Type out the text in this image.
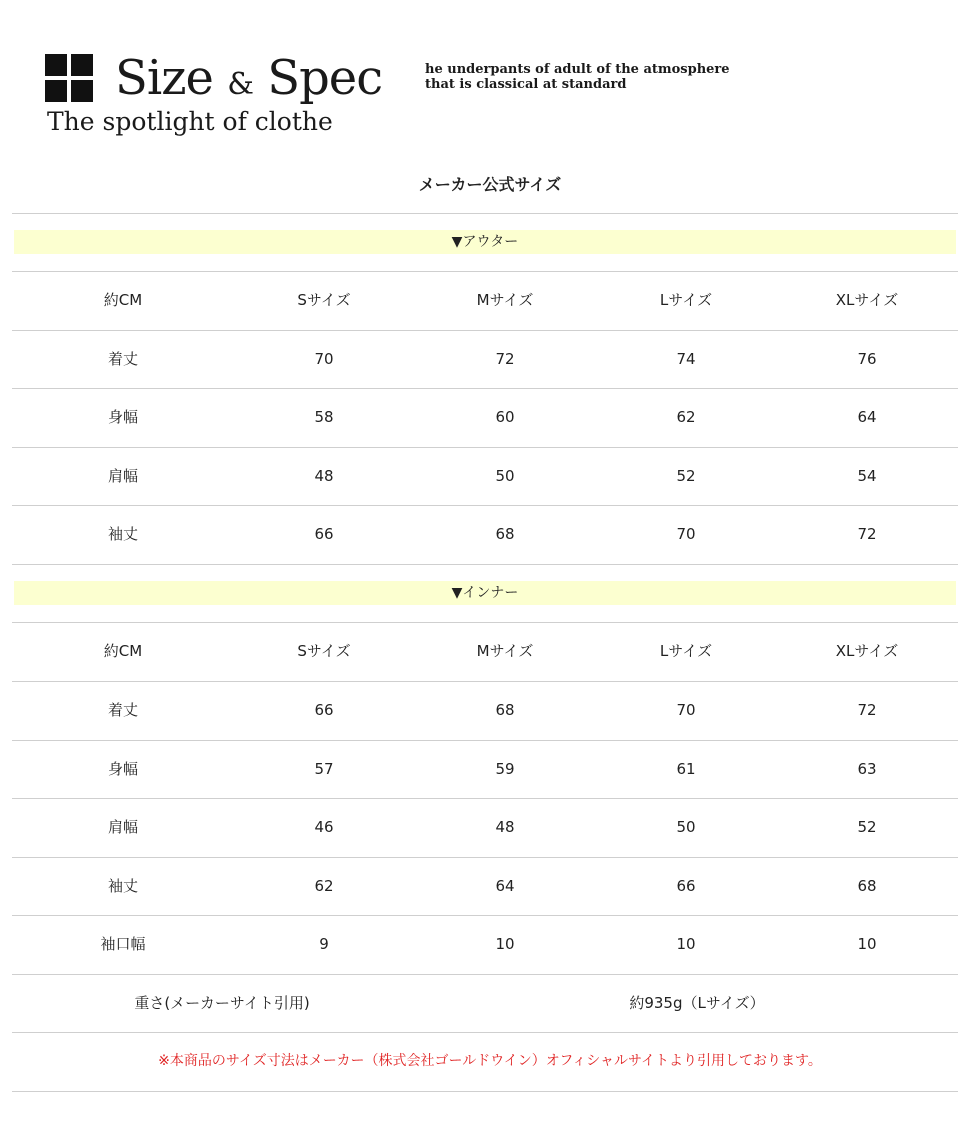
Size & Spec
The spotlight of clothe
he underpants of adult of the atmosphere
that is classical at standard
メーカー公式サイズ
▼アウター
約CM	Sサイズ	Mサイズ	Lサイズ	XLサイズ
着丈	70	72	74	76
身幅	58	60	62	64
肩幅	48	50	52	54
袖丈	66	68	70	72
▼インナー
約CM	Sサイズ	Mサイズ	Lサイズ	XLサイズ
着丈	66	68	70	72
身幅	57	59	61	63
肩幅	46	48	50	52
袖丈	62	64	66	68
袖口幅	9	10	10	10
重さ(メーカーサイト引用)	約935g（Lサイズ）
※本商品のサイズ寸法はメーカー（株式会社ゴールドウイン）オフィシャルサイトより引用しております。
